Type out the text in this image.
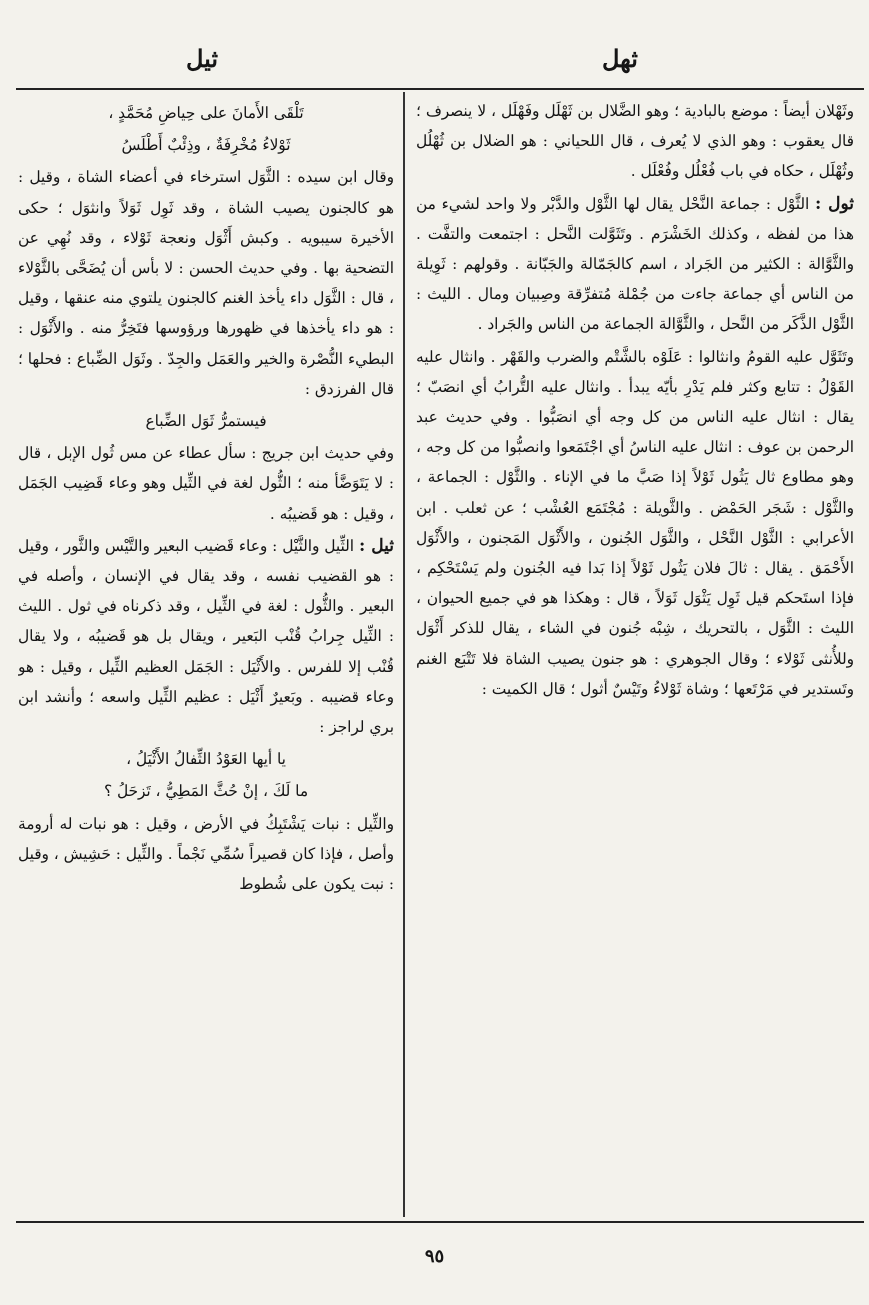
ثهل
ثيل
وثَهْلان أيضاً : موضع بالبادية ؛ وهو الضَّلال بن ثَهْلَل وفَهْلَل ، لا ينصرف ؛ قال يعقوب : وهو الذي لا يُعرف ، قال اللحياني : هو الضلال بن ثُهْلُل وثُهْلَل ، حكاه في باب فُعْلُل وفُعْلَل .
ثول : الثَّوْل : جماعة النَّحْل يقال لها الثَّوْل والدَّبْر ولا واحد لشيء من هذا من لفظه ، وكذلك الخَشْرَم . وتَثَوَّلت النَّحل : اجتمعت والتفَّت . والثَّوَّالة : الكثير من الجَراد ، اسم كالجَمّالة والجَبّانة . وقولهم : ثَوِيلة من الناس أي جماعة جاءت من جُمْلة مُتفرِّقة وصِبيان ومال . الليث : الثَّوْل الذَّكَر من النَّحل ، والثَّوَّالة الجماعة من الناس والجَراد .
وتَثَوَّل عليه القومُ وانثالوا : عَلَوْه بالشَّتْم والضرب والقَهْر . وانثال عليه القَوْلُ : تتابع وكثر فلم يَدْرِ بأيّه يبدأ . وانثال عليه التُّرابُ أي انصَبّ ؛ يقال : انثال عليه الناس من كل وجه أي انصَبُّوا . وفي حديث عبد الرحمن بن عوف : انثال عليه الناسُ أي اجْتَمَعوا وانصبُّوا من كل وجه ، وهو مطاوع ثال يَثُول ثَوْلاً إذا صَبَّ ما في الإناء . والثَّوْل : الجماعة ، والثَّوْل : شَجَر الحَمْض . والثَّويلة : مُجْتَمَع العُشْب ؛ عن ثعلب . ابن الأعرابي : الثَّوْل النَّحْل ، والثَّوَل الجُنون ، والأَثْوَل المَجنون ، والأَثْوَل الأَحْمَق . يقال : ثالَ فلان يَثُول ثَوْلاً إذا بَدا فيه الجُنون ولم يَسْتَحْكِم ، فإذا استَحكم قيل ثَوِل يَثْوَل ثَوَلاً ، قال : وهكذا هو في جميع الحيوان ، الليث : الثَّوَل ، بالتحريك ، شِبْه جُنون في الشاء ، يقال للذكر أَثْوَل وللأُنثى ثَوْلاء ؛ وقال الجوهري : هو جنون يصيب الشاة فلا تَتْبَع الغنم وتَستدير في مَرْتَعها ؛ وشاة ثَوْلاءُ وتَيْسٌ أثول ؛ قال الكميت :
تَلْقَى الأَمانَ على حِياضِ مُحَمَّدٍ ،
ثَوْلاءُ مُخْرِفَةٌ ، وذِئْبٌ أَطْلَسُ
وقال ابن سيده : الثَّوَل استرخاء في أعضاء الشاة ، وقيل : هو كالجنون يصيب الشاة ، وقد ثَوِل ثَوَلاً وانثوَل ؛ حكى الأخيرة سيبويه . وكبش أَثْوَل ونعجة ثَوْلاء ، وقد نُهِي عن التضحية بها . وفي حديث الحسن : لا بأس أن يُضَحَّى بالثَّوْلاء ، قال : الثَّوَل داء يأخذ الغنم كالجنون يلتوي منه عنقها ، وقيل : هو داء يأخذها في ظهورها ورؤوسها فتَخِرُّ منه . والأَثْوَل : البطيء النُّصْرة والخير والعَمَل والجِدّ . وثَوَل الضِّباع : فحلها ؛ قال الفرزدق :
فيستمرُّ ثَوَل الضِّباع
وفي حديث ابن جريج : سأل عطاء عن مس ثُول الإبل ، قال : لا يَتَوَضَّأ منه ؛ الثُّول لغة في الثِّيل وهو وعاء قَضِيب الجَمَل ، وقيل : هو قَضيبُه .
ثيل : الثِّيل والثَّيْل : وعاء قَضيب البعير والتَّيْس والثَّور ، وقيل : هو القضيب نفسه ، وقد يقال في الإنسان ، وأصله في البعير . والثُّول : لغة في الثِّيل ، وقد ذكرناه في ثول . الليث : الثِّيل جِرابُ قُنْب البَعير ، ويقال بل هو قَضيبُه ، ولا يقال قُنْب إلا للفرس . والأَثْيَل : الجَمَل العظيم الثِّيل ، وقيل : هو وعاء قضيبه . وبَعيرٌ أَثْيَل : عظيم الثِّيل واسعه ؛ وأنشد ابن بري لراجز :
يا أيها العَوْدُ الثِّفالُ الأَثْيَلُ ،
ما لَكَ ، إنْ حُثَّ المَطِيُّ ، تَزحَلُ ؟
والثِّيل : نبات يَشْتَبِكُ في الأرض ، وقيل : هو نبات له أرومة وأصل ، فإذا كان قصيراً سُمِّي نَجْماً . والثِّيل : حَشِيش ، وقيل : نبت يكون على شُطوط
٩٥
